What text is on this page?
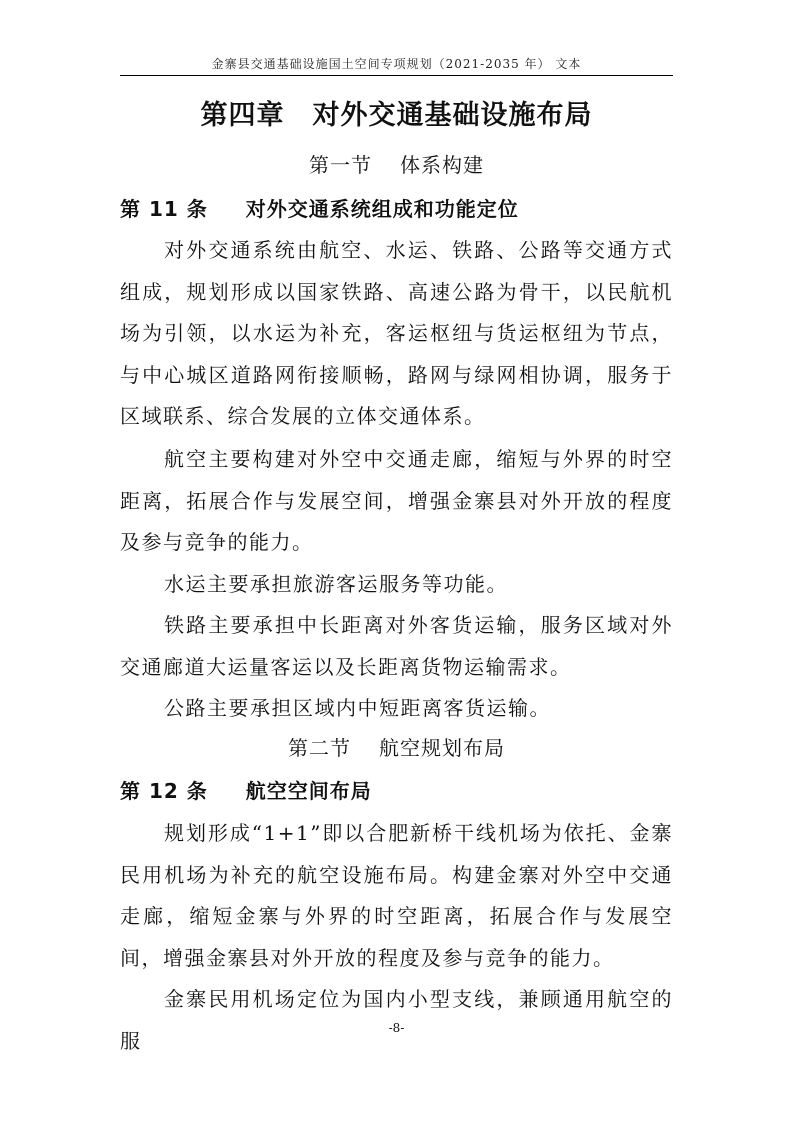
金寨县交通基础设施国土空间专项规划（2021-2035 年） 文本
第四章　对外交通基础设施布局
第一节 体系构建
第 11 条 对外交通系统组成和功能定位

对外交通系统由航空、水运、铁路、公路等交通方式组成，规划形成以国家铁路、高速公路为骨干，以民航机场为引领，以水运为补充，客运枢纽与货运枢纽为节点，与中心城区道路网衔接顺畅，路网与绿网相协调，服务于区域联系、综合发展的立体交通体系。

航空主要构建对外空中交通走廊，缩短与外界的时空距离，拓展合作与发展空间，增强金寨县对外开放的程度及参与竞争的能力。

水运主要承担旅游客运服务等功能。

铁路主要承担中长距离对外客货运输，服务区域对外交通廊道大运量客运以及长距离货物运输需求。

公路主要承担区域内中短距离客货运输。

第二节 航空规划布局
第 12 条 航空空间布局

规划形成“1+1”即以合肥新桥干线机场为依托、金寨民用机场为补充的航空设施布局。构建金寨对外空中交通走廊，缩短金寨与外界的时空距离，拓展合作与发展空间，增强金寨县对外开放的程度及参与竞争的能力。

金寨民用机场定位为国内小型支线，兼顾通用航空的服

-8-
